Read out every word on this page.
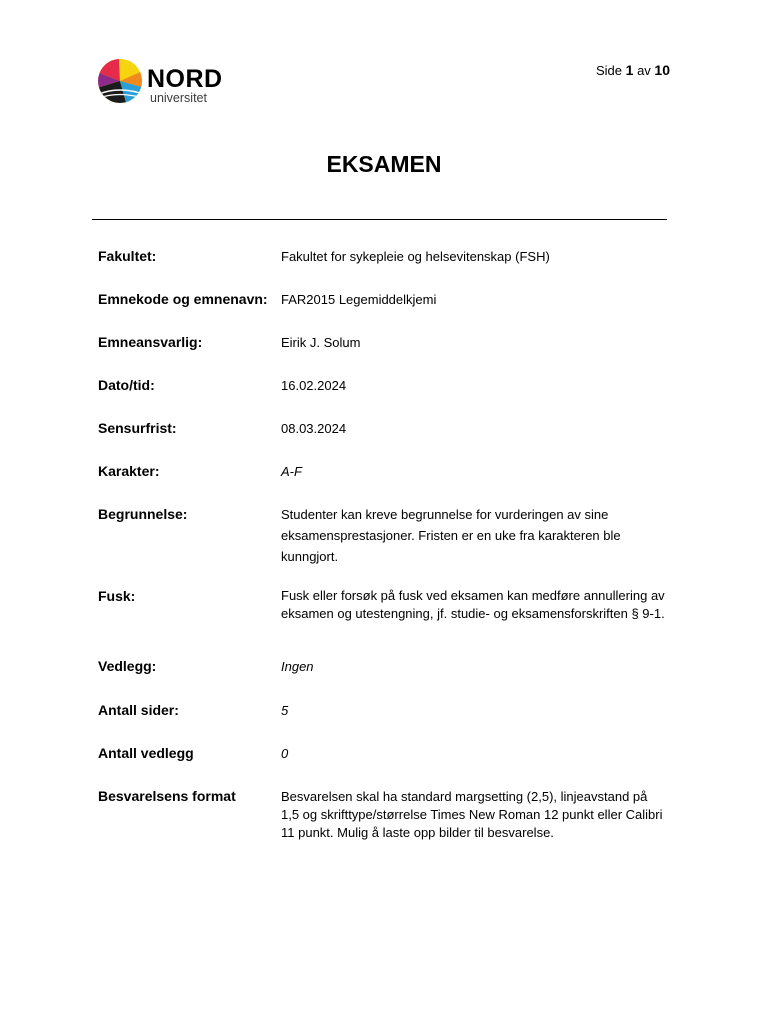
NORD
universitet
Side 1 av 10
EKSAMEN
Fakultet:	Fakultet for sykepleie og helsevitenskap (FSH)
Emnekode og emnenavn: FAR2015 Legemiddelkjemi
Emneansvarlig:	Eirik J. Solum
Dato/tid:	16.02.2024
Sensurfrist:	08.03.2024
Karakter:	A-F
Begrunnelse:	Studenter kan kreve begrunnelse for vurderingen av sine eksamensprestasjoner. Fristen er en uke fra karakteren ble kunngjort.
Fusk:	Fusk eller forsøk på fusk ved eksamen kan medføre annullering av eksamen og utestengning, jf. studie- og eksamensforskriften § 9-1.
Vedlegg:	Ingen
Antall sider:	5
Antall vedlegg	0
Besvarelsens format	Besvarelsen skal ha standard margsetting (2,5), linjeavstand på 1,5 og skrifttype/størrelse Times New Roman 12 punkt eller Calibri 11 punkt. Mulig å laste opp bilder til besvarelse.
